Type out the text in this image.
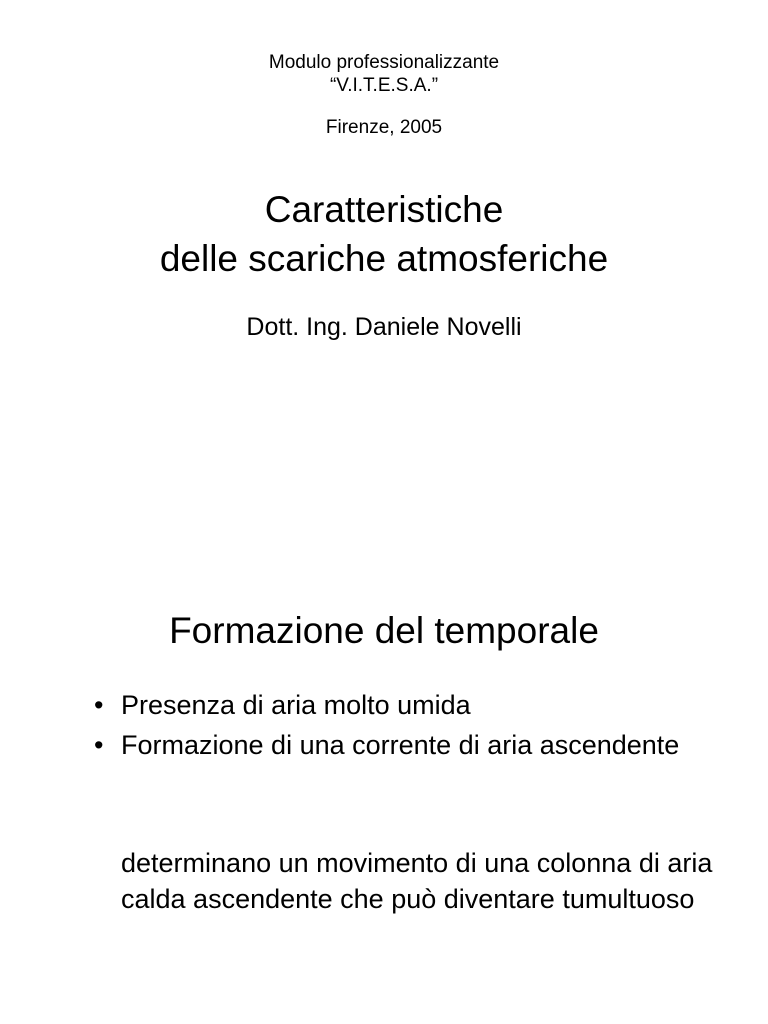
Modulo professionalizzante
“V.I.T.E.S.A.”
Firenze, 2005
Caratteristiche
delle scariche atmosferiche
Dott. Ing. Daniele Novelli
Formazione del temporale
• Presenza di aria molto umida
• Formazione di una corrente di aria ascendente
determinano un movimento di una colonna di aria calda ascendente che può diventare tumultuoso
